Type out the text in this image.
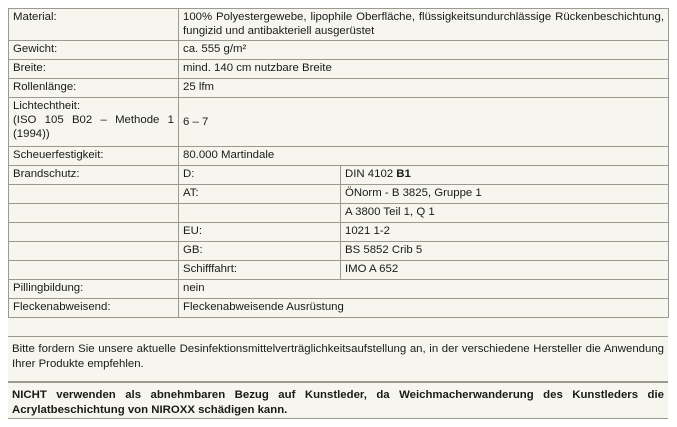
Material:	100% Polyestergewebe, lipophile Oberfläche, flüssigkeitsundurchlässige Rückenbeschichtung, fungizid und antibakteriell ausgerüstet	
Gewicht:	ca. 555 g/m²	
Breite:	mind. 140 cm nutzbare Breite	
Rollenlänge:	25 lfm	

Lichtechtheit:
(ISO 105 B02 – Methode 1
(1994))	6 – 7	
Scheuerfestigkeit:	80.000 Martindale	
Brandschutz:	D:	DIN 4102 B1
	AT:	ÖNorm - B 3825, Gruppe 1
		A 3800 Teil 1, Q 1
	EU:	1021 1-2
	GB:	BS 5852 Crib 5
	Schifffahrt:	IMO A 652
Pillingbildung:	nein	
Fleckenabweisend:	Fleckenabweisende Ausrüstung	
Bitte fordern Sie unsere aktuelle Desinfektionsmittelverträglichkeitsaufstellung an, in der verschiedene Hersteller die Anwendung Ihrer Produkte empfehlen.
NICHT verwenden als abnehmbaren Bezug auf Kunstleder, da Weichmacherwanderung des Kunstleders die Acrylatbeschichtung von NIROXX schädigen kann.
